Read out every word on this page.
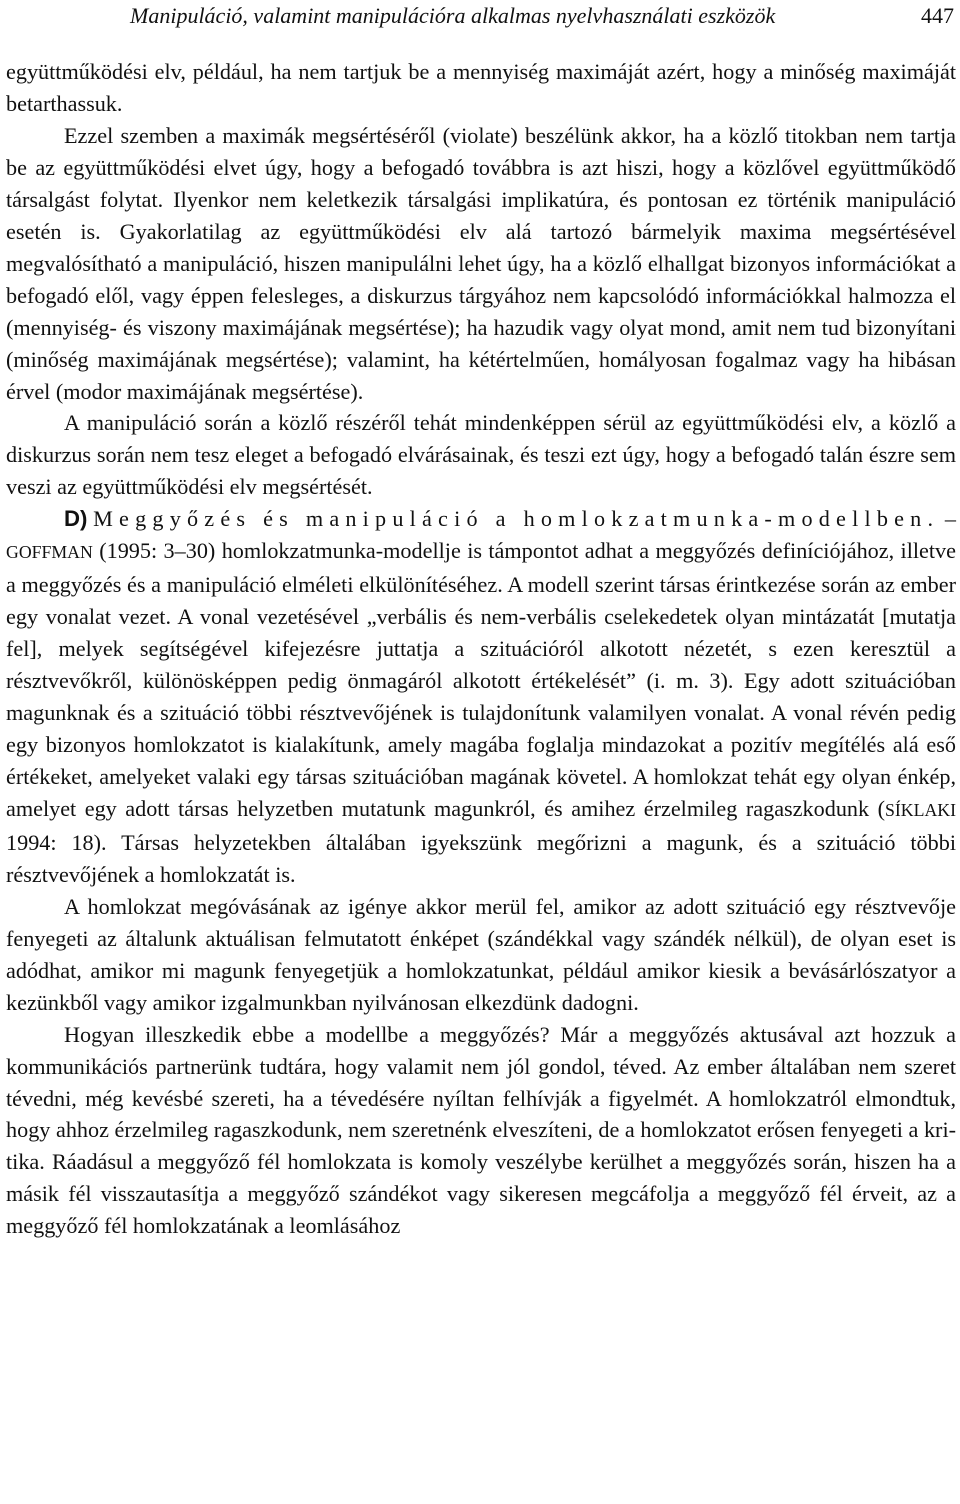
Manipuláció, valamint manipulációra alkalmas nyelvhasználati eszközök	447

együttműködési elv, például, ha nem tartjuk be a mennyiség maximáját azért, hogy a minőség maximáját betarthassuk.

Ezzel szemben a maximák megsértéséről (violate) beszélünk akkor, ha a közlő titokban nem tartja be az együttműködési elvet úgy, hogy a befogadó továbbra is azt hiszi, hogy a közlővel együttműködő társalgást folytat. Ilyenkor nem keletkezik társalgási implikatúra, és pontosan ez történik manipuláció esetén is. Gyakorlatilag az együttműködési elv alá tartozó bármelyik maxima megsértésével megvalósítható a manipuláció, hiszen manipulálni lehet úgy, ha a közlő elhallgat bizonyos információkat a befogadó elől, vagy éppen felesleges, a diskurzus tárgyához nem kapcsolódó információkkal halmozza el (mennyiség- és viszony maximájának megsértése); ha hazudik vagy olyat mond, amit nem tud bizonyítani (minőség maximájának megsértése); valamint, ha kétértelműen, homályosan fogalmaz vagy ha hibásan érvel (modor maximájának megsértése).

A manipuláció során a közlő részéről tehát mindenképpen sérül az együttműködési elv, a közlő a diskurzus során nem tesz eleget a befogadó elvárásainak, és teszi ezt úgy, hogy a befogadó talán észre sem veszi az együttműködési elv megsértését.

D) Meggyőzés és manipuláció a homlokzatmunka-modellben. – GOFFMAN (1995: 3–30) homlokzatmunka-modellje is támpontot adhat a meggyőzés definíciójához, illetve a meggyőzés és a manipuláció elméleti elkülönítéséhez. A modell szerint társas érintkezése során az ember egy vonalat vezet. A vonal vezetésével „verbális és nem-verbális cselekedetek olyan mintázatát [mutatja fel], melyek segítségével kifejezésre juttatja a szituációról alkotott nézetét, s ezen keresztül a résztvevőkről, különösképpen pedig önmagáról alkotott értékelését” (i. m. 3). Egy adott szituációban magunknak és a szituáció többi résztvevőjének is tulajdonítunk valamilyen vonalat. A vonal révén pedig egy bizonyos homlokzatot is kialakítunk, amely magába foglalja mindazokat a pozitív megítélés alá eső értékeket, amelyeket valaki egy társas szituációban magának követel. A homlokzat tehát egy olyan énkép, amelyet egy adott társas helyzetben mutatunk magunkról, és amihez érzelmileg ragaszkodunk (SÍKLAKI 1994: 18). Társas helyzetekben általában igyekszünk megőrizni a magunk, és a szituáció többi résztvevőjének a homlokzatát is.

A homlokzat megóvásának az igénye akkor merül fel, amikor az adott szituáció egy résztvevője fenyegeti az általunk aktuálisan felmutatott énképet (szándékkal vagy szándék nélkül), de olyan eset is adódhat, amikor mi magunk fenyegetjük a homlokzatunkat, például amikor kiesik a bevásárlószatyor a kezünkből vagy amikor izgalmunkban nyilvánosan elkezdünk dadogni.

Hogyan illeszkedik ebbe a modellbe a meggyőzés? Már a meggyőzés aktusával azt hozzuk a kommunikációs partnerünk tudtára, hogy valamit nem jól gondol, téved. Az ember általában nem szeret tévedni, még kevésbé szereti, ha a tévedésére nyíltan felhívják a figyelmét. A homlokzatról elmondtuk, hogy ahhoz érzelmileg ragaszkodunk, nem szeretnénk elveszíteni, de a homlokzatot erősen fenyegeti a kritika. Ráadásul a meggyőző fél homlokzata is komoly veszélybe kerülhet a meggyőzés során, hiszen ha a másik fél visszautasítja a meggyőző szándékot vagy sikeresen megcáfolja a meggyőző fél érveit, az a meggyőző fél homlokzatának a leomlásához
